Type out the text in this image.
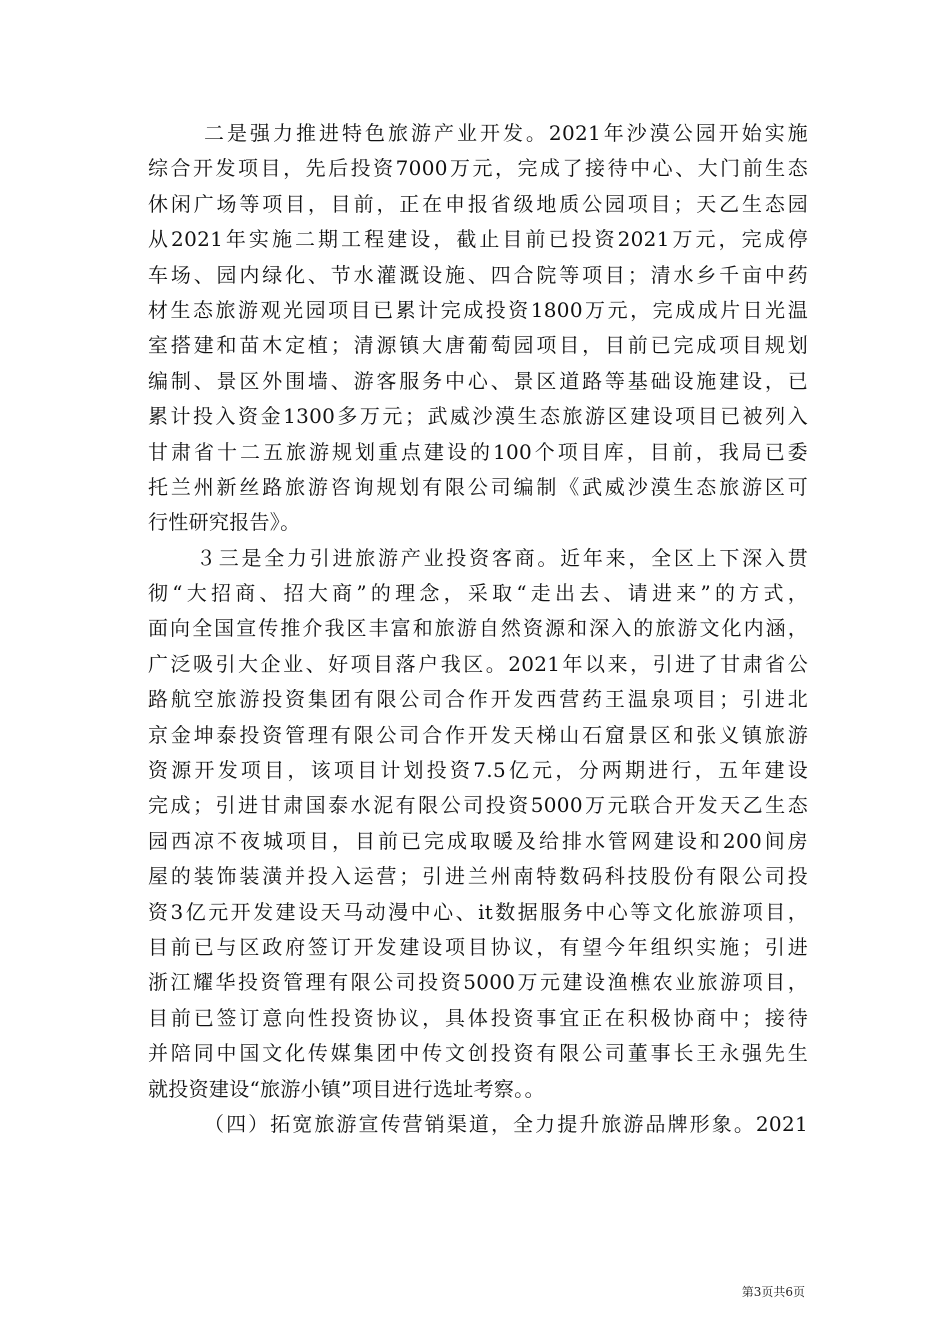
二是强力推进特色旅游产业开发。2021年沙漠公园开始实施
综合开发项目，先后投资7000万元，完成了接待中心、大门前生态
休闲广场等项目，目前，正在申报省级地质公园项目；天乙生态园
从2021年实施二期工程建设，截止目前已投资2021万元，完成停
车场、园内绿化、节水灌溉设施、四合院等项目；清水乡千亩中药
材生态旅游观光园项目已累计完成投资1800万元，完成成片日光温
室搭建和苗木定植；清源镇大唐葡萄园项目，目前已完成项目规划
编制、景区外围墙、游客服务中心、景区道路等基础设施建设，已
累计投入资金1300多万元；武威沙漠生态旅游区建设项目已被列入
甘肃省十二五旅游规划重点建设的100个项目库，目前，我局已委
托兰州新丝路旅游咨询规划有限公司编制《武威沙漠生态旅游区可
行性研究报告》。
３三是全力引进旅游产业投资客商。近年来，全区上下深入贯
彻“大招商、招大商”的理念，采取“走出去、请进来”的方式，
面向全国宣传推介我区丰富和旅游自然资源和深入的旅游文化内涵，
广泛吸引大企业、好项目落户我区。2021年以来，引进了甘肃省公
路航空旅游投资集团有限公司合作开发西营药王温泉项目；引进北
京金坤泰投资管理有限公司合作开发天梯山石窟景区和张义镇旅游
资源开发项目，该项目计划投资7.5亿元，分两期进行，五年建设
完成；引进甘肃国泰水泥有限公司投资5000万元联合开发天乙生态
园西凉不夜城项目，目前已完成取暖及给排水管网建设和200间房
屋的装饰装潢并投入运营；引进兰州南特数码科技股份有限公司投
资3亿元开发建设天马动漫中心、it数据服务中心等文化旅游项目，
目前已与区政府签订开发建设项目协议，有望今年组织实施；引进
浙江耀华投资管理有限公司投资5000万元建设渔樵农业旅游项目，
目前已签订意向性投资协议，具体投资事宜正在积极协商中；接待
并陪同中国文化传媒集团中传文创投资有限公司董事长王永强先生
就投资建设“旅游小镇”项目进行选址考察。。
（四）拓宽旅游宣传营销渠道，全力提升旅游品牌形象。2021
第3页共6页
